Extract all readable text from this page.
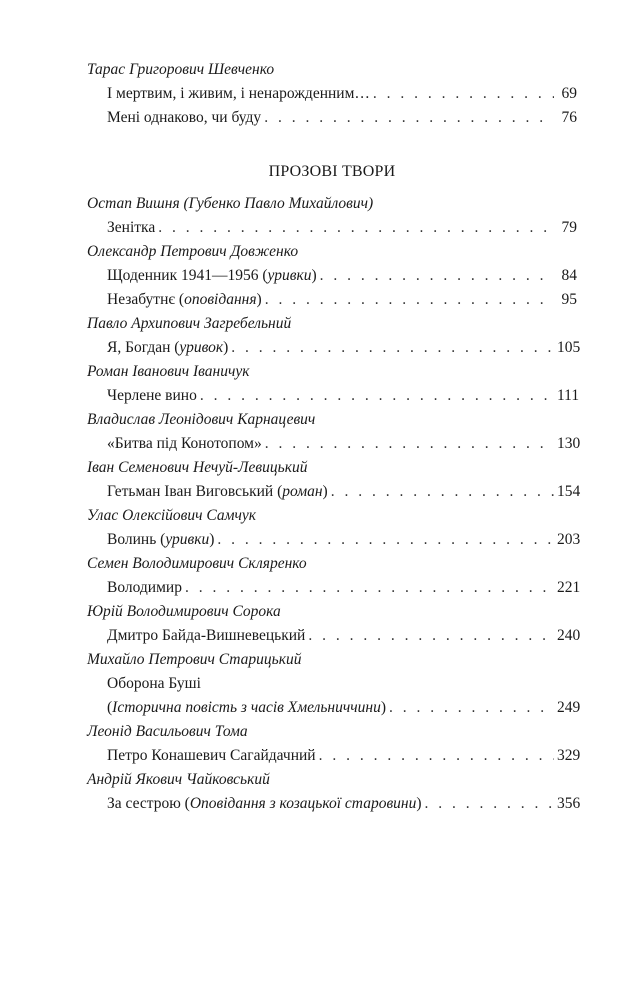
Тарас Григорович Шевченко
І мертвим, і живим, і ненарожденним… . . .	69
Мені однаково, чи буду . . .	76
ПРОЗОВІ ТВОРИ
Остап Вишня (Губенко Павло Михайлович)
Зенітка . . .	79
Олександр Петрович Довженко
Щоденник 1941—1956 (уривки) . . .	84
Незабутнє (оповідання) . . .	95
Павло Архипович Загребельний
Я, Богдан (уривок) . . .	105
Роман Іванович Іваничук
Черлене вино . . .	111
Владислав Леонідович Карнацевич
«Битва під Конотопом» . . .	130
Іван Семенович Нечуй-Левицький
Гетьман Іван Виговський (роман) . . .	154
Улас Олексійович Самчук
Волинь (уривки) . . .	203
Семен Володимирович Скляренко
Володимир . . .	221
Юрій Володимирович Сорока
Дмитро Байда-Вишневецький . . .	240
Михайло Петрович Старицький
Оборона Буші
(Історична повість з часів Хмельниччини) . . .	249
Леонід Васильович Тома
Петро Конашевич Сагайдачний . . .	329
Андрій Якович Чайковський
За сестрою (Оповідання з козацької старовини) . . .	356
